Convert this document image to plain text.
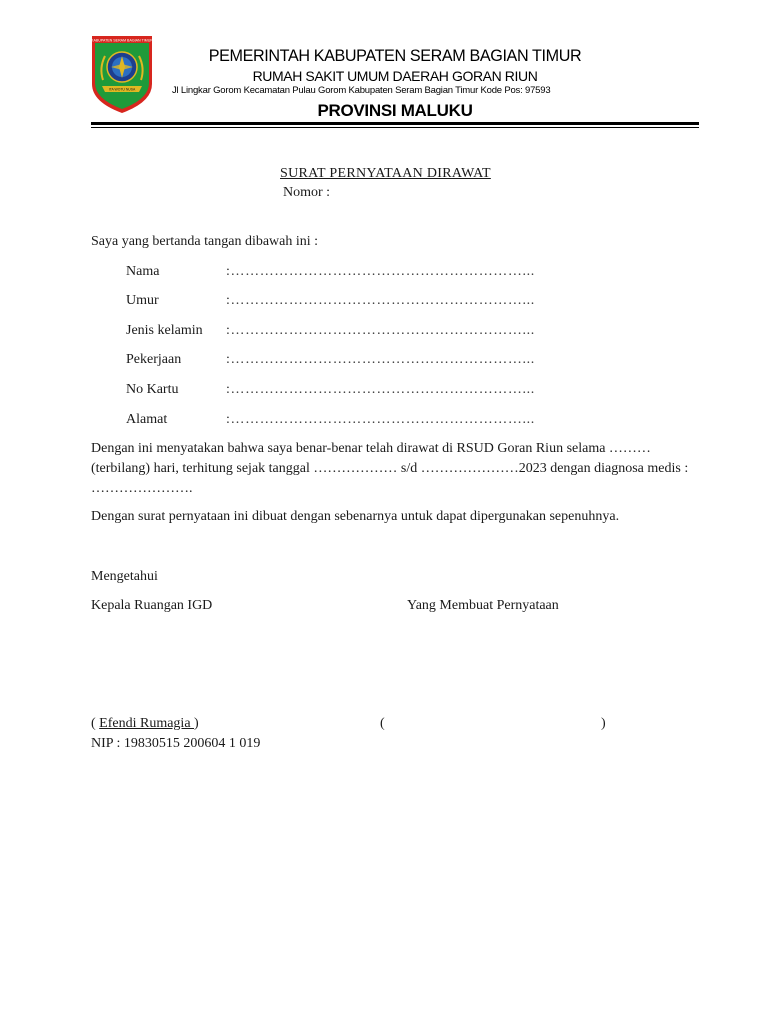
KABUPATEN SERAM BAGIAN TIMUR
ITA WOTU NUSA
PEMERINTAH KABUPATEN SERAM BAGIAN TIMUR
RUMAH SAKIT UMUM DAERAH GORAN RIUN
Jl Lingkar Gorom Kecamatan Pulau Gorom Kabupaten Seram Bagian Timur Kode Pos: 97593
PROVINSI MALUKU
SURAT PERNYATAAN DIRAWAT
Nomor :
Saya yang bertanda tangan dibawah ini :
Nama	:……………………………………………………...
Umur	:……………………………………………………...
Jenis kelamin :……………………………………………………...
Pekerjaan	:……………………………………………………...
No Kartu	:……………………………………………………...
Alamat	:……………………………………………………...
Dengan ini menyatakan bahwa saya benar-benar telah dirawat di RSUD Goran Riun selama ……… (terbilang) hari, terhitung sejak tanggal ……………… s/d …………………2023 dengan diagnosa medis : ………………….
Dengan surat pernyataan ini dibuat dengan sebenarnya untuk dapat dipergunakan sepenuhnya.
Mengetahui
Kepala Ruangan IGD	Yang Membuat Pernyataan
( Efendi Rumagia )	(	)
NIP : 19830515 200604 1 019
